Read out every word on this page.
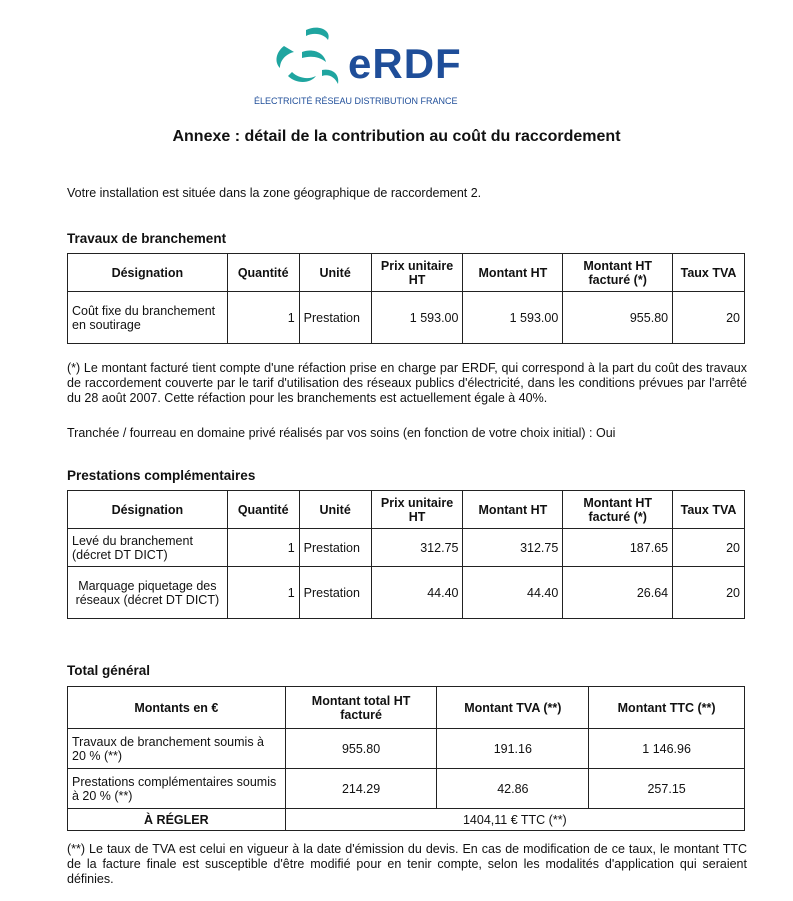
eRDF
ÉLECTRICITÉ RÉSEAU DISTRIBUTION FRANCE
Annexe : détail de la contribution au coût du raccordement
Votre installation est située dans la zone géographique de raccordement 2.
Travaux de branchement
Désignation	Quantité	Unité	Prix unitaire HT	Montant HT	Montant HT facturé (*)	Taux TVA
Coût fixe du branchement en soutirage	1	Prestation	1 593.00	1 593.00	955.80	20
(*) Le montant facturé tient compte d'une réfaction prise en charge par ERDF, qui correspond à la part du coût des travaux de raccordement couverte par le tarif d'utilisation des réseaux publics d'électricité, dans les conditions prévues par l'arrêté du 28 août 2007. Cette réfaction pour les branchements est actuellement égale à 40%.
Tranchée / fourreau en domaine privé réalisés par vos soins (en fonction de votre choix initial) : Oui
Prestations complémentaires
Désignation	Quantité	Unité	Prix unitaire HT	Montant HT	Montant HT facturé (*)	Taux TVA
Levé du branchement (décret DT DICT)	1	Prestation	312.75	312.75	187.65	20
Marquage piquetage des réseaux (décret DT DICT)	1	Prestation	44.40	44.40	26.64	20
Total général
Montants en €	Montant total HT facturé	Montant TVA (**)	Montant TTC (**)
Travaux de branchement soumis à 20 % (**)	955.80	191.16	1 146.96
Prestations complémentaires soumis à 20 % (**)	214.29	42.86	257.15
À RÉGLER	1404,11 € TTC (**)		
(**) Le taux de TVA est celui en vigueur à la date d'émission du devis. En cas de modification de ce taux, le montant TTC de la facture finale est susceptible d'être modifié pour en tenir compte, selon les modalités d'application qui seraient définies.
